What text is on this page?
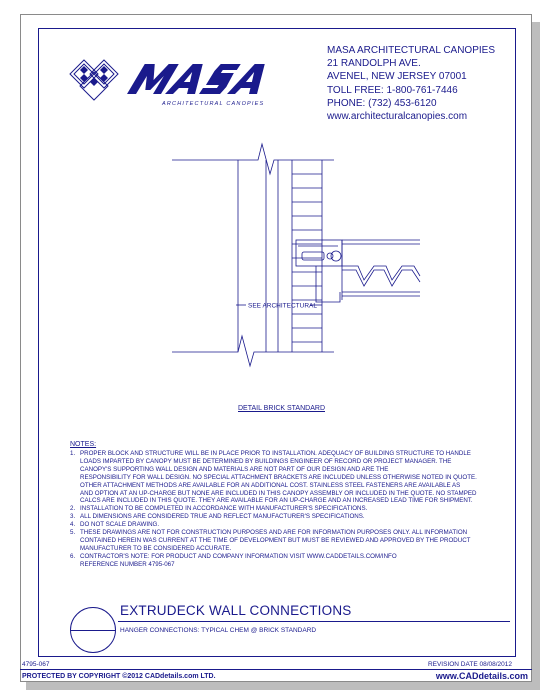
ARCHITECTURAL CANOPIES
MASA ARCHITECTURAL CANOPIES
21 RANDOLPH AVE.
AVENEL, NEW JERSEY 07001
TOLL FREE: 1-800-761-7446
PHONE: (732) 453-6120
www.architecturalcanopies.com
SEE ARCHITECTURAL
DETAIL BRICK STANDARD
NOTES:
1. PROPER BLOCK AND STRUCTURE WILL BE IN PLACE PRIOR TO INSTALLATION. ADEQUACY OF BUILDING STRUCTURE TO HANDLE
LOADS IMPARTED BY CANOPY MUST BE DETERMINED BY BUILDINGS ENGINEER OF RECORD OR PROJECT MANAGER. THE
CANOPY'S SUPPORTING WALL DESIGN AND MATERIALS ARE NOT PART OF OUR DESIGN AND ARE THE
RESPONSIBILITY FOR WALL DESIGN. NO SPECIAL ATTACHMENT BRACKETS ARE INCLUDED UNLESS OTHERWISE NOTED IN QUOTE.
OTHER ATTACHMENT METHODS ARE AVAILABLE FOR AN ADDITIONAL COST. STAINLESS STEEL FASTENERS ARE AVAILABLE AS
AND OPTION AT AN UP-CHARGE BUT NONE ARE INCLUDED IN THIS CANOPY ASSEMBLY OR INCLUDED IN THE QUOTE. NO STAMPED
CALCS ARE INCLUDED IN THIS QUOTE. THEY ARE AVAILABLE FOR AN UP-CHARGE AND AN INCREASED LEAD TIME FOR SHIPMENT.
2. INSTALLATION TO BE COMPLETED IN ACCORDANCE WITH MANUFACTURER'S SPECIFICATIONS.
3. ALL DIMENSIONS ARE CONSIDERED TRUE AND REFLECT MANUFACTURER'S SPECIFICATIONS.
4. DO NOT SCALE DRAWING.
5. THESE DRAWINGS ARE NOT FOR CONSTRUCTION PURPOSES AND ARE FOR INFORMATION PURPOSES ONLY. ALL INFORMATION
CONTAINED HEREIN WAS CURRENT AT THE TIME OF DEVELOPMENT BUT MUST BE REVIEWED AND APPROVED BY THE PRODUCT
MANUFACTURER TO BE CONSIDERED ACCURATE.
6. CONTRACTOR'S NOTE: FOR PRODUCT AND COMPANY INFORMATION VISIT WWW.CADDETAILS.COM/INFO
REFERENCE NUMBER 4795-067
EXTRUDECK WALL CONNECTIONS
HANGER CONNECTIONS: TYPICAL CHEM @ BRICK STANDARD
4795-067	REVISION DATE 08/08/2012
PROTECTED BY COPYRIGHT ©2012 CADdetails.com LTD.	www.CADdetails.com
